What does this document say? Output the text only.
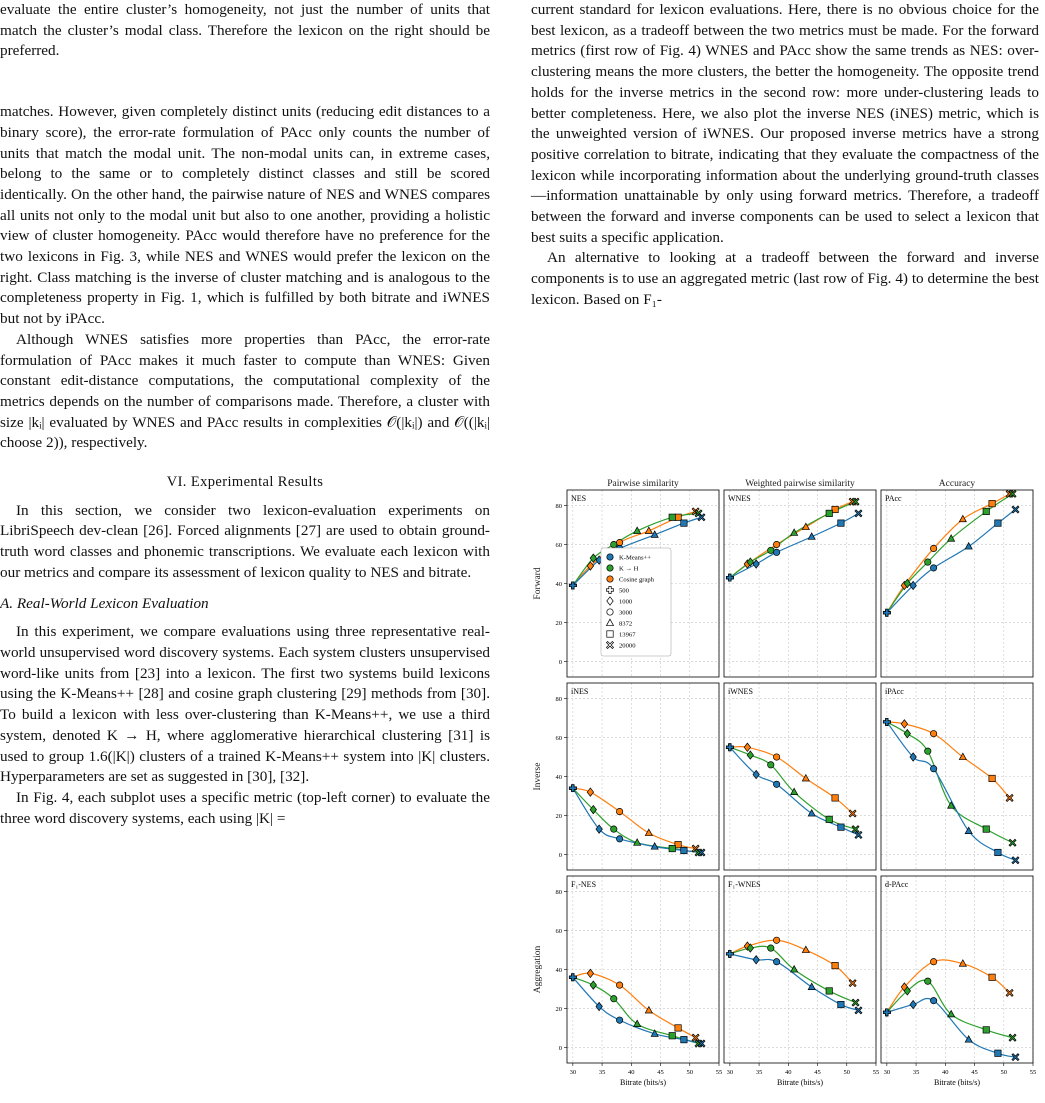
evaluate the entire cluster’s homogeneity, not just the number of units that match the cluster’s modal class. Therefore the lexicon on the right should be preferred.

matches. However, given completely distinct units (reducing edit distances to a binary score), the error-rate formulation of PAcc only counts the number of units that match the modal unit. The non-modal units can, in extreme cases, belong to the same or to completely distinct classes and still be scored identically. On the other hand, the pairwise nature of NES and WNES compares all units not only to the modal unit but also to one another, providing a holistic view of cluster homogeneity. PAcc would therefore have no preference for the two lexicons in Fig. 3, while NES and WNES would prefer the lexicon on the right. Class matching is the inverse of cluster matching and is analogous to the completeness property in Fig. 1, which is fulfilled by both bitrate and iWNES but not by iPAcc.

Although WNES satisfies more properties than PAcc, the error-rate formulation of PAcc makes it much faster to compute than WNES: Given constant edit-distance computations, the computational complexity of the metrics depends on the number of comparisons made. Therefore, a cluster with size |kᵢ| evaluated by WNES and PAcc results in complexities 𝒪(|kᵢ|) and 𝒪((|kᵢ| choose 2)), respectively.

VI. Experimental Results

In this section, we consider two lexicon-evaluation experiments on LibriSpeech dev-clean [26]. Forced alignments [27] are used to obtain ground-truth word classes and phonemic transcriptions. We evaluate each lexicon with our metrics and compare its assessment of lexicon quality to NES and bitrate.

A. Real-World Lexicon Evaluation

In this experiment, we compare evaluations using three representative real-world unsupervised word discovery systems. Each system clusters unsupervised word-like units from [23] into a lexicon. The first two systems build lexicons using the K-Means++ [28] and cosine graph clustering [29] methods from [30]. To build a lexicon with less over-clustering than K-Means++, we use a third system, denoted K → H, where agglomerative hierarchical clustering [31] is used to group 1.6(|K|) clusters of a trained K-Means++ system into |K| clusters. Hyperparameters are set as suggested in [30], [32].

In Fig. 4, each subplot uses a specific metric (top-left corner) to evaluate the three word discovery systems, each using |K| =

current standard for lexicon evaluations. Here, there is no obvious choice for the best lexicon, as a tradeoff between the two metrics must be made. For the forward metrics (first row of Fig. 4) WNES and PAcc show the same trends as NES: over-clustering means the more clusters, the better the homogeneity. The opposite trend holds for the inverse metrics in the second row: more under-clustering leads to better completeness. Here, we also plot the inverse NES (iNES) metric, which is the unweighted version of iWNES. Our proposed inverse metrics have a strong positive correlation to bitrate, indicating that they evaluate the compactness of the lexicon while incorporating information about the underlying ground-truth classes—information unattainable by only using forward metrics. Therefore, a tradeoff between the forward and inverse components can be used to select a lexicon that best suits a specific application.

An alternative to looking at a tradeoff between the forward and inverse components is to use an aggregated metric (last row of Fig. 4) to determine the best lexicon. Based on F₁-

Pairwise similarity	Weighted pairwise similarity	Accuracy
Forward
Inverse
Aggregation
0
20
40
60
80
NES
K-Means++
K → H
Cosine graph
500
1000
3000
8372
13967
20000
WNES	PAcc
0
20
40
60
80
iNES	iWNES	iPAcc
0
20
40
60
80
30	35	40	45	50	55
Bitrate (bits/s)
F₁-NES
30	35	40	45	50	55
Bitrate (bits/s)
F₁-WNES
30	35	40	45	50	55
Bitrate (bits/s)
d-PAcc
